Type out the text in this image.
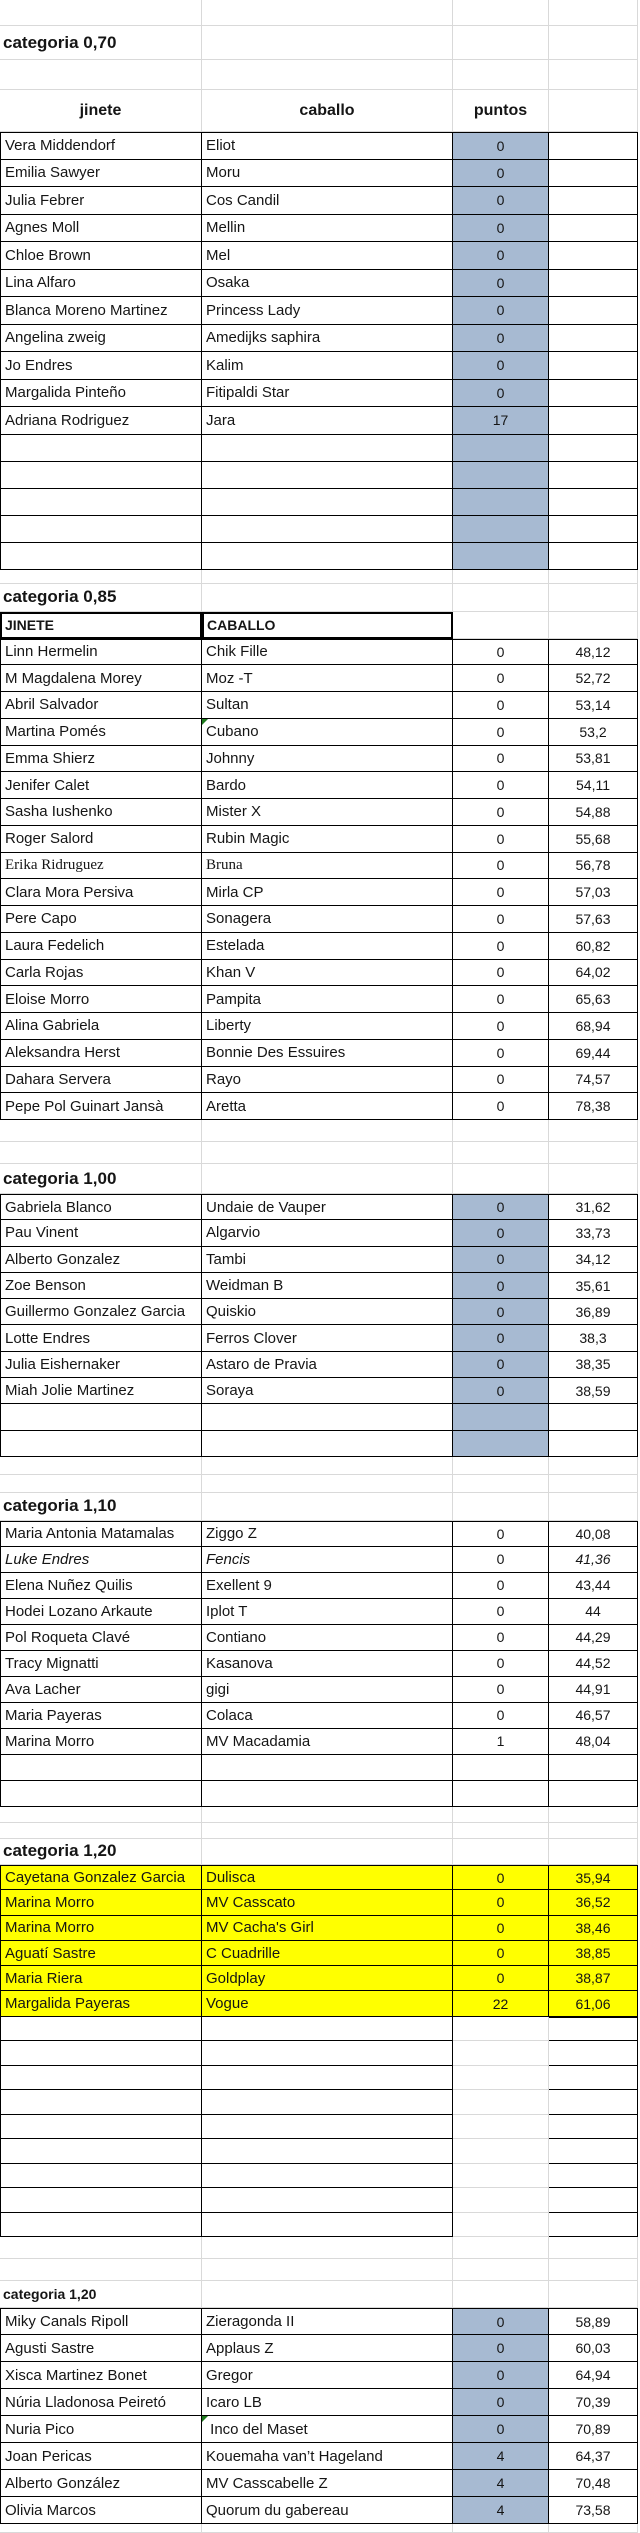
categoria 0,70
jinete	caballo	puntos
Vera Middendorf	Eliot	0
Emilia Sawyer	Moru	0
Julia Febrer	Cos Candil	0
Agnes Moll	Mellin	0
Chloe Brown	Mel	0
Lina Alfaro	Osaka	0
Blanca Moreno Martinez	Princess Lady	0
Angelina zweig	Amedijks saphira	0
Jo Endres	Kalim	0
Margalida Pinteño	Fitipaldi Star	0
Adriana Rodriguez	Jara	17
categoria 0,85
JINETE	CABALLO
Linn Hermelin	Chik Fille	0	48,12
M Magdalena Morey	Moz -T	0	52,72
Abril Salvador	Sultan	0	53,14
Martina Pomés	Cubano	0	53,2
Emma Shierz	Johnny	0	53,81
Jenifer Calet	Bardo	0	54,11
Sasha Iushenko	Mister X	0	54,88
Roger Salord	Rubin Magic	0	55,68
Erika Ridruguez	Bruna	0	56,78
Clara Mora Persiva	Mirla CP	0	57,03
Pere Capo	Sonagera	0	57,63
Laura Fedelich	Estelada	0	60,82
Carla Rojas	Khan V	0	64,02
Eloise Morro	Pampita	0	65,63
Alina Gabriela	Liberty	0	68,94
Aleksandra Herst	Bonnie Des Essuires	0	69,44
Dahara Servera	Rayo	0	74,57
Pepe Pol Guinart Jansà	Aretta	0	78,38
categoria 1,00
Gabriela Blanco	Undaie de Vauper	0	31,62
Pau Vinent	Algarvio	0	33,73
Alberto Gonzalez	Tambi	0	34,12
Zoe Benson	Weidman B	0	35,61
Guillermo Gonzalez Garcia	Quiskio	0	36,89
Lotte Endres	Ferros Clover	0	38,3
Julia Eishernaker	Astaro de Pravia	0	38,35
Miah Jolie Martinez	Soraya	0	38,59
categoria 1,10
Maria Antonia Matamalas	Ziggo Z	0	40,08
Luke Endres	Fencis	0	41,36
Elena Nuñez Quilis	Exellent 9	0	43,44
Hodei Lozano Arkaute	Iplot T	0	44
Pol Roqueta Clavé	Contiano	0	44,29
Tracy Mignatti	Kasanova	0	44,52
Ava Lacher	gigi	0	44,91
Maria Payeras	Colaca	0	46,57
Marina Morro	MV Macadamia	1	48,04
categoria 1,20
Cayetana Gonzalez Garcia	Dulisca	0	35,94
Marina Morro	MV Casscato	0	36,52
Marina Morro	MV Cacha's Girl	0	38,46
Aguatí Sastre	C Cuadrille	0	38,85
Maria Riera	Goldplay	0	38,87
Margalida Payeras	Vogue	22	61,06
categoria 1,20
Miky Canals Ripoll	Zieragonda II	0	58,89
Agusti Sastre	Applaus Z	0	60,03
Xisca Martinez Bonet	Gregor	0	64,94
Núria Lladonosa Peiretó	Icaro LB	0	70,39
Nuria Pico	Inco del Maset	0	70,89
Joan Pericas	Kouemaha van’t Hageland	4	64,37
Alberto González	MV Casscabelle Z	4	70,48
Olivia Marcos	Quorum du gabereau	4	73,58
